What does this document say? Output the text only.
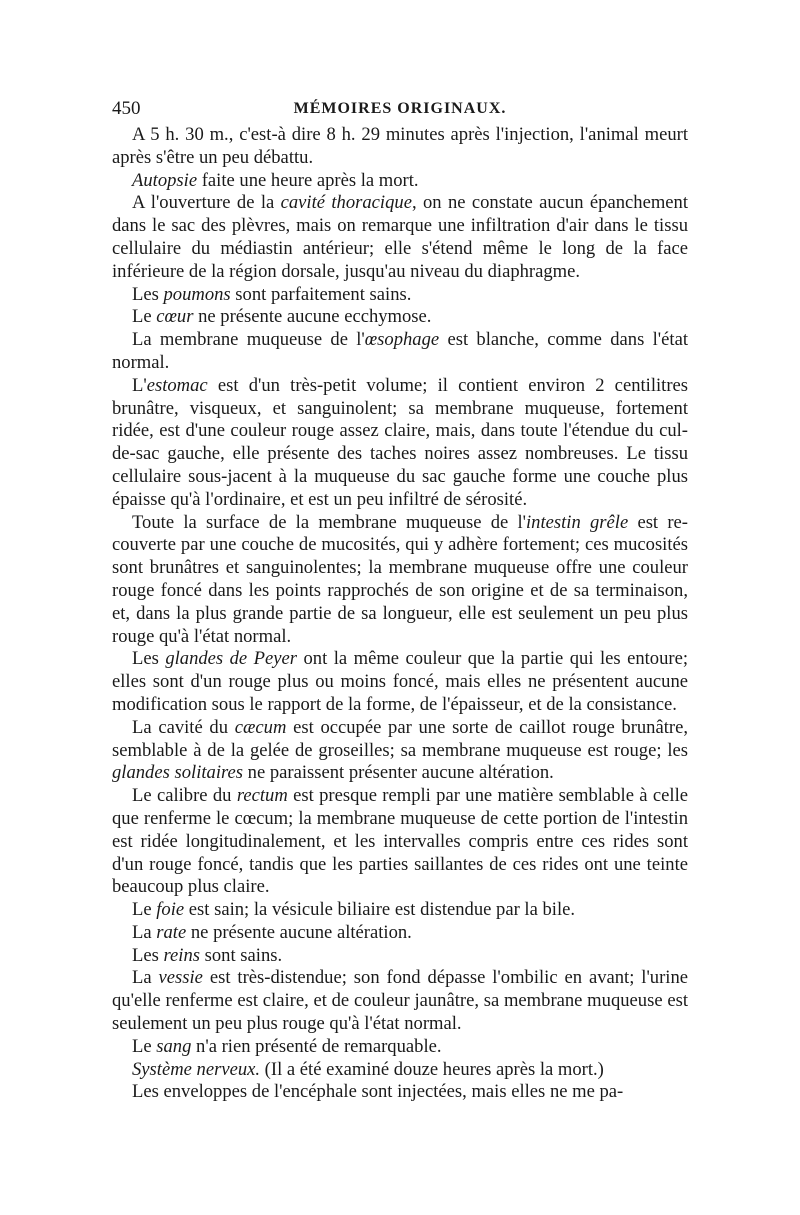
450	MÉMOIRES ORIGINAUX.

A 5 h. 30 m., c'est-à dire 8 h. 29 minutes après l'injection, l'animal meurt après s'être un peu débattu.

Autopsie faite une heure après la mort.

A l'ouverture de la cavité thoracique, on ne constate aucun épanchement dans le sac des plèvres, mais on remarque une infiltration d'air dans le tissu cellulaire du médiastin antérieur; elle s'étend même le long de la face inférieure de la région dorsale, jusqu'au niveau du diaphragme.

Les poumons sont parfaitement sains.

Le cœur ne présente aucune ecchymose.

La membrane muqueuse de l'œsophage est blanche, comme dans l'état normal.

L'estomac est d'un très-petit volume; il contient environ 2 centilitres brunâtre, visqueux, et sanguinolent; sa membrane muqueuse, fortement ridée, est d'une couleur rouge assez claire, mais, dans toute l'étendue du cul-de-sac gauche, elle présente des taches noires assez nombreuses. Le tissu cellulaire sous-jacent à la muqueuse du sac gauche forme une couche plus épaisse qu'à l'ordinaire, et est un peu infiltré de sérosité.

Toute la surface de la membrane muqueuse de l'intestin grêle est recouverte par une couche de mucosités, qui y adhère fortement; ces mucosités sont brunâtres et sanguinolentes; la membrane muqueuse offre une couleur rouge foncé dans les points rapprochés de son origine et de sa terminaison, et, dans la plus grande partie de sa longueur, elle est seulement un peu plus rouge qu'à l'état normal.

Les glandes de Peyer ont la même couleur que la partie qui les entoure; elles sont d'un rouge plus ou moins foncé, mais elles ne présentent aucune modification sous le rapport de la forme, de l'épaisseur, et de la consistance.

La cavité du cæcum est occupée par une sorte de caillot rouge brunâtre, semblable à de la gelée de groseilles; sa membrane muqueuse est rouge; les glandes solitaires ne paraissent présenter aucune altération.

Le calibre du rectum est presque rempli par une matière semblable à celle que renferme le cœcum; la membrane muqueuse de cette portion de l'intestin est ridée longitudinalement, et les intervalles compris entre ces rides sont d'un rouge foncé, tandis que les parties saillantes de ces rides ont une teinte beaucoup plus claire.

Le foie est sain; la vésicule biliaire est distendue par la bile.

La rate ne présente aucune altération.

Les reins sont sains.

La vessie est très-distendue; son fond dépasse l'ombilic en avant; l'urine qu'elle renferme est claire, et de couleur jaunâtre, sa membrane muqueuse est seulement un peu plus rouge qu'à l'état normal.

Le sang n'a rien présenté de remarquable.

Système nerveux. (Il a été examiné douze heures après la mort.)

Les enveloppes de l'encéphale sont injectées, mais elles ne me pa-
